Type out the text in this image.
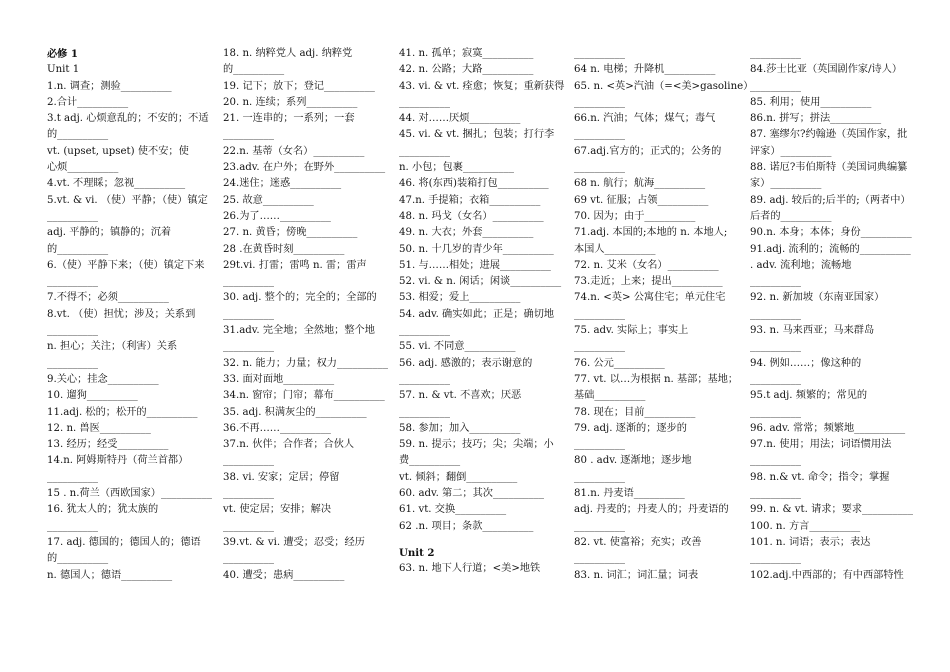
必修 1
Unit 1
1.n. 调查；测验__________
2.合计__________
3.t adj. 心烦意乱的；不安的；不适
的__________
vt. (upset, upset) 使不安；使
心烦__________
4.vt. 不理睬；忽视__________
5.vt. & vi. （使）平静；（使）镇定
__________
adj. 平静的；镇静的；沉着
的__________
6.（使）平静下来；（使）镇定下来
__________
7.不得不；必须__________
8.vt. （使）担忧；涉及；关系到
__________
n. 担心；关注；（利害）关系
__________
9.关心；挂念__________
10. 遛狗__________
11.adj. 松的；松开的__________
12. n. 兽医__________
13. 经历；经受__________
14.n. 阿姆斯特丹（荷兰首都）
__________
15 . n.荷兰（西欧国家）__________
16. 犹太人的；犹太族的
__________
17. adj. 德国的；德国人的；德语
的__________
n. 德国人；德语__________
18. n. 纳粹党人 adj. 纳粹党
的__________
19. 记下；放下；登记__________
20. n. 连续；系列__________
21. 一连串的；一系列；一套
__________
22.n. 基蒂（女名）__________
23.adv. 在户外；在野外__________
24.迷住；迷惑__________
25. 故意__________
26.为了……__________
27. n. 黄昏；傍晚__________
28 .在黄昏时刻__________
29t.vi. 打雷；雷鸣 n. 雷；雷声
__________
30. adj. 整个的；完全的；全部的
__________
31.adv. 完全地；全然地；整个地
__________
32. n. 能力；力量；权力__________
33. 面对面地__________
34.n. 窗帘；门帘；幕布__________
35. adj. 积满灰尘的__________
36.不再……__________
37.n. 伙伴；合作者；合伙人
__________
38. vi. 安家；定居；停留
__________
vt. 使定居；安排；解决
__________
39.vt. & vi. 遭受；忍受；经历
__________
40. 遭受；患病__________
41. n. 孤单；寂寞__________
42. n. 公路；大路__________
43. vi. & vt. 痊愈；恢复；重新获得
__________
44. 对……厌烦__________
45. vi. & vt. 捆扎；包装；打行李
__________
n. 小包；包裹__________
46. 将(东西)装箱打包__________
47.n. 手提箱；衣箱__________
48. n. 玛戈（女名）__________
49. n. 大衣；外套__________
50. n. 十几岁的青少年__________
51. 与……相处；进展__________
52. vi. & n. 闲话；闲谈__________
53. 相爱；爱上__________
54. adv. 确实如此；正是；确切地
__________
55. vi. 不同意__________
56. adj. 感激的；表示谢意的
__________
57. n. & vt. 不喜欢；厌恶
__________
58. 参加；加入__________
59. n. 提示；技巧；尖；尖端；小
费__________
vt. 倾斜；翻倒__________
60. adv. 第二；其次__________
61. vt. 交换__________
62 .n. 项目；条款__________
Unit 2
63. n. 地下人行道；<美>地铁
__________
64 n. 电梯；升降机__________
65. n. <英>汽油（=<美>gasoline）
__________
66.n. 汽油；气体；煤气；毒气
__________
67.adj.官方的；正式的；公务的
__________
68 n. 航行；航海__________
69 vt. 征服；占领__________
70. 因为；由于__________
71.adj. 本国的;本地的 n. 本地人;
本国人__________
72. n. 艾米（女名）__________
73.走近；上来；提出__________
74.n. <英> 公寓住宅；单元住宅
__________
75. adv. 实际上；事实上
__________
76. 公元__________
77. vt. 以…为根据 n. 基部；基地；
基础__________
78. 现在；目前__________
79. adj. 逐渐的；逐步的
__________
80 . adv. 逐渐地；逐步地
__________
81.n. 丹麦语__________
adj. 丹麦的；丹麦人的；丹麦语的
__________
82. vt. 使富裕；充实；改善
__________
83. n. 词汇；词汇量；词表
__________
84.莎士比亚（英国剧作家/诗人）
__________
85. 利用；使用__________
86.n. 拼写；拼法__________
87. 塞缪尔?约翰逊（英国作家，批
评家）__________
88. 诺厄?韦伯斯特（美国词典编纂
家）__________
89. adj. 较后的;后半的;（两者中）
后者的__________
90.n. 本身；本体；身份__________
91.adj. 流利的；流畅的__________
. adv. 流利地；流畅地
__________
92. n. 新加坡（东南亚国家）
__________
93. n. 马来西亚；马来群岛
__________
94. 例如……；像这种的
__________
95.t adj. 频繁的；常见的
__________
96. adv. 常常；频繁地__________
97.n. 使用；用法；词语惯用法
__________
98. n.& vt. 命令；指令；掌握
__________
99. n. & vt. 请求；要求__________
100. n. 方言__________
101. n. 词语；表示；表达
__________
102.adj.中西部的；有中西部特性
